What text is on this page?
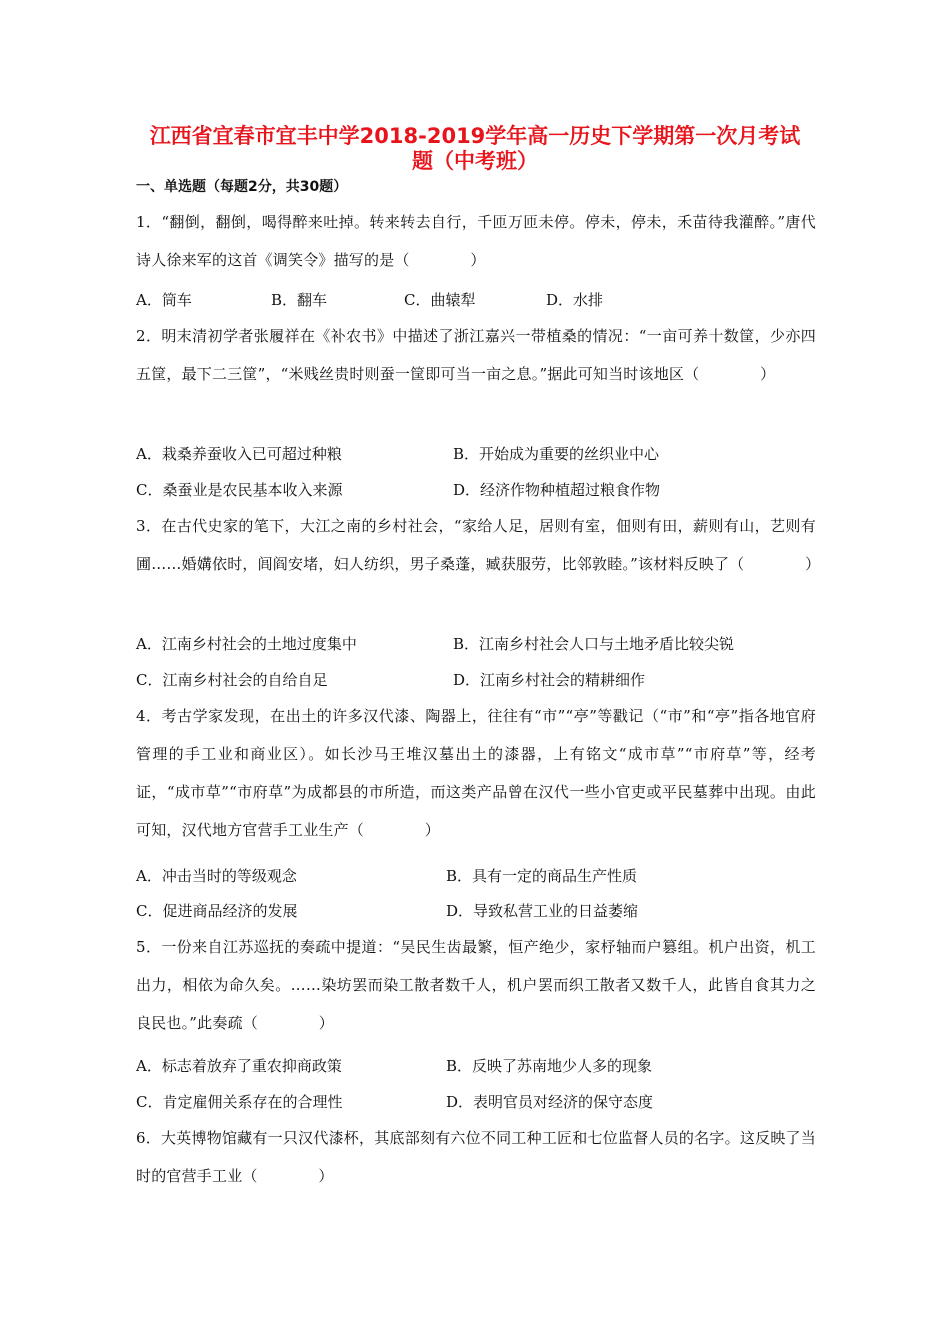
江西省宜春市宜丰中学2018-2019学年高一历史下学期第一次月考试
题（中考班）
一、单选题（每题2分，共30题）
1．“翻倒，翻倒，喝得醉来吐掉。转来转去自行，千匝万匝未停。停未，停未，禾苗待我灌醉。”唐代诗人徐来军的这首《调笑令》描写的是（　　　　）
A．筒车	B．翻车	C．曲辕犁	D．水排
2．明末清初学者张履祥在《补农书》中描述了浙江嘉兴一带植桑的情况：“一亩可养十数筐，少亦四五筐，最下二三筐”，“米贱丝贵时则蚕一筐即可当一亩之息。”据此可知当时该地区（　　　　）
A．栽桑养蚕收入已可超过种粮	B．开始成为重要的丝织业中心
C．桑蚕业是农民基本收入来源	D．经济作物种植超过粮食作物
3．在古代史家的笔下，大江之南的乡村社会，“家给人足，居则有室，佃则有田，薪则有山，艺则有圃……婚媾依时，闾阎安堵，妇人纺织，男子桑蓬，臧获服劳，比邻敦睦。”该材料反映了（　　　　）
A．江南乡村社会的土地过度集中	B．江南乡村社会人口与土地矛盾比较尖锐
C．江南乡村社会的自给自足	D．江南乡村社会的精耕细作
4．考古学家发现，在出土的许多汉代漆、陶器上，往往有“市”“亭”等戳记（“市”和“亭”指各地官府管理的手工业和商业区）。如长沙马王堆汉墓出土的漆器，上有铭文“成市草”“市府草”等，经考证，“成市草”“市府草”为成都县的市所造，而这类产品曾在汉代一些小官吏或平民墓葬中出现。由此可知，汉代地方官营手工业生产（　　　　）
A．冲击当时的等级观念	B．具有一定的商品生产性质
C．促进商品经济的发展	D．导致私营工业的日益萎缩
5．一份来自江苏巡抚的奏疏中提道：“吴民生齿最繁，恒产绝少，家杼轴而户篡组。机户出资，机工出力，相依为命久矣。……染坊罢而染工散者数千人，机户罢而织工散者又数千人，此皆自食其力之良民也。”此奏疏（　　　　）
A．标志着放弃了重农抑商政策	B．反映了苏南地少人多的现象
C．肯定雇佣关系存在的合理性	D．表明官员对经济的保守态度
6．大英博物馆藏有一只汉代漆杯，其底部刻有六位不同工种工匠和七位监督人员的名字。这反映了当时的官营手工业（　　　　）
